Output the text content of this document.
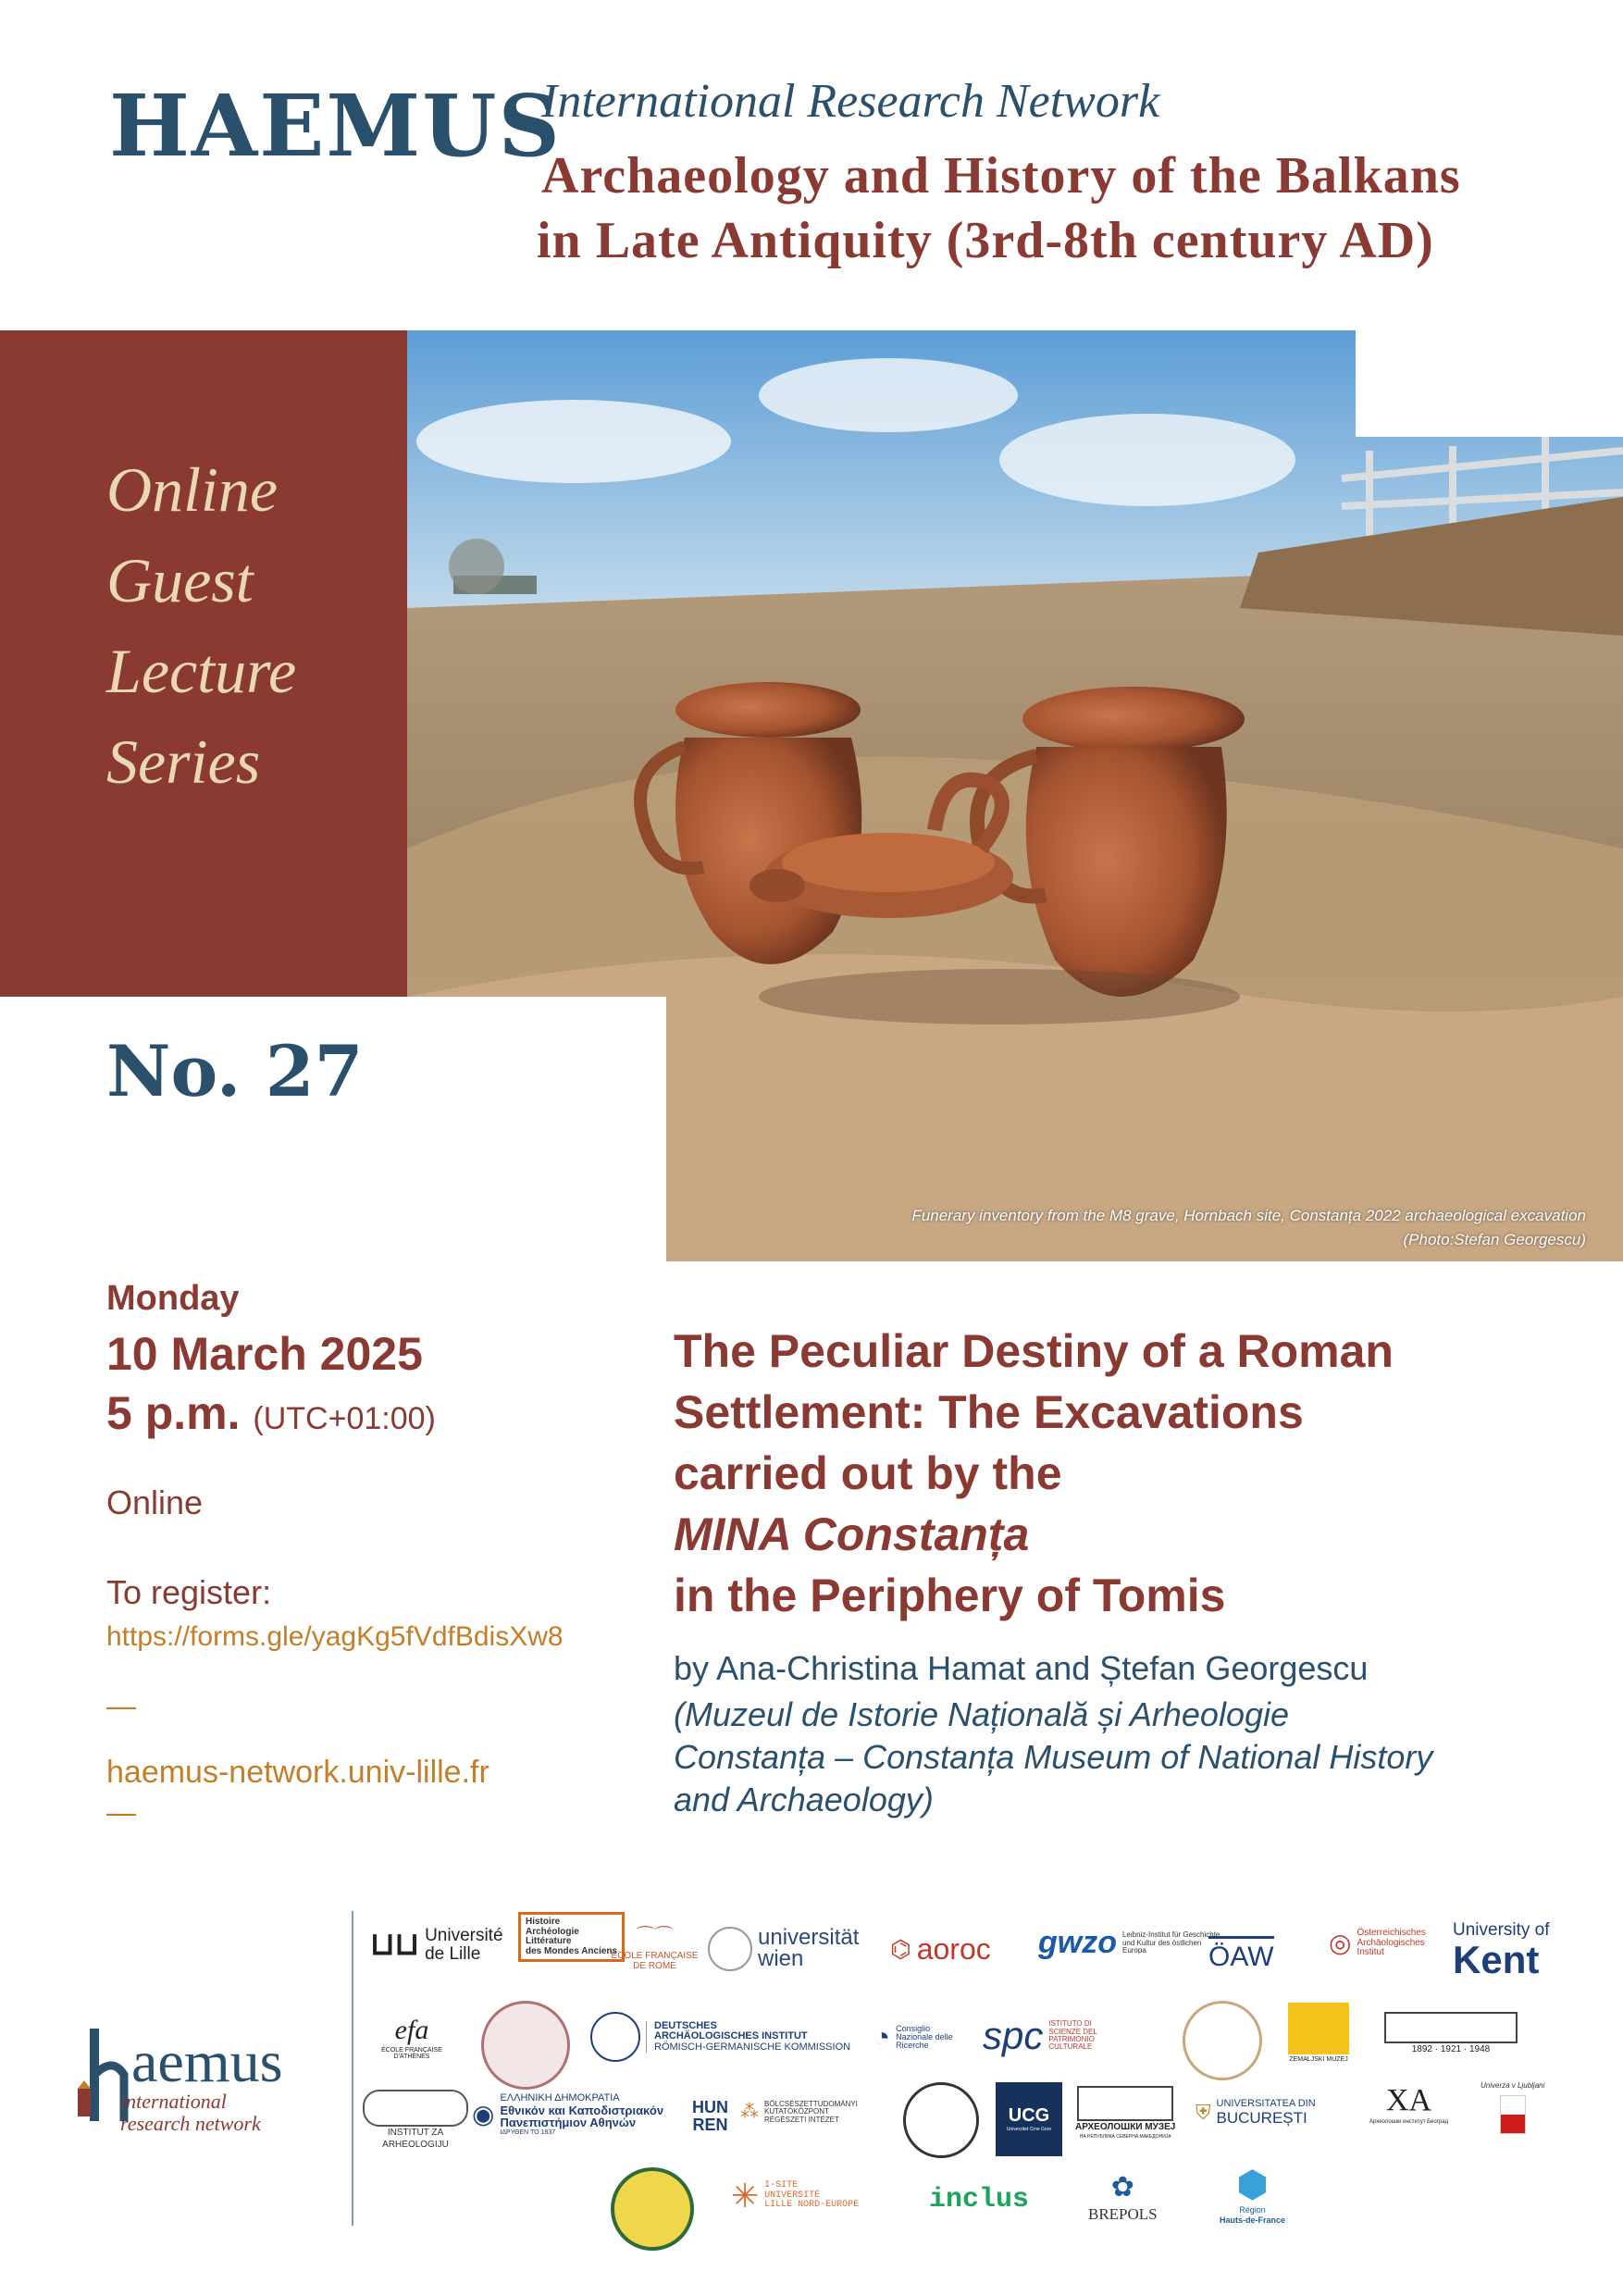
HAEMUS
International Research Network
Archaeology and History of the Balkans
in Late Antiquity (3rd-8th century AD)
Online
Guest
Lecture
Series
Funerary inventory from the M8 grave, Hornbach site, Constanța 2022 archaeological excavation
(Photo:Stefan Georgescu)
No. 27
Monday
10 March 2025
5 p.m. (UTC+01:00)
Online
To register:
https://forms.gle/yagKg5fVdfBdisXw8
—
haemus-network.univ-lille.fr
—
The Peculiar Destiny of a Roman
Settlement: The Excavations
carried out by the
MINA Constanța
in the Periphery of Tomis
by Ana-Christina Hamat and Ștefan Georgescu
(Muzeul de Istorie Națională și Arheologie
Constanța – Constanța Museum of National History
and Archaeology)
aemus
international
research network
⊔⊔ Université de Lille
Histoire
Archéologie
Littérature
des Mondes Anciens
⌒⌒
ÉCOLE FRANÇAISE DE ROME
universität wien	⌬ aoroc gwzo Leibniz-Institut für Geschichte und Kultur des östlichen Europa	ÖAW ◎ Österreichisches Archäologisches Institut
University of
Kent
efa
ÉCOLE FRANÇAISE D'ATHÈNES
DEUTSCHES
ARCHÄOLOGISCHES INSTITUT
RÖMISCH-GERMANISCHE KOMMISSION ◔ Consiglio Nazionale delle Ricerche	spc ISTITUTO DI SCIENZE DEL PATRIMONIO CULTURALE
ZEMALJSKI MUZEJ
1892 · 1921 · 1948
INSTITUT ZA
ARHEOLOGIJU
◉
ΕΛΛΗΝΙΚΗ ΔΗΜΟΚΡΑΤΙΑ
Εθνικόν και Καποδιστριακόν
Πανεπιστήμιον Αθηνών
ΙΔΡΥΘΕΝ ΤΟ 1837
HUN
REN
⁂ BÖLCSÉSZETTUDOMÁNYI
KUTATÓKÖZPONT
RÉGÉSZETI INTÉZET	UCG
Univerzitet Crne Gore	АРХЕОЛОШКИ МУЗЕЈ
НА РЕПУБЛИКА СЕВЕРНА МАКЕДОНИЈА
⛨ UNIVERSITATEA DIN
BUCUREȘTI
ΧΑ
Археолошки институт Београд
Univerza v Ljubljani
✳ I-SITE
UNIVERSITÉ
LILLE NORD-EUROPE	inclus	✿
BREPOLS
⬢
Région
Hauts-de-France
